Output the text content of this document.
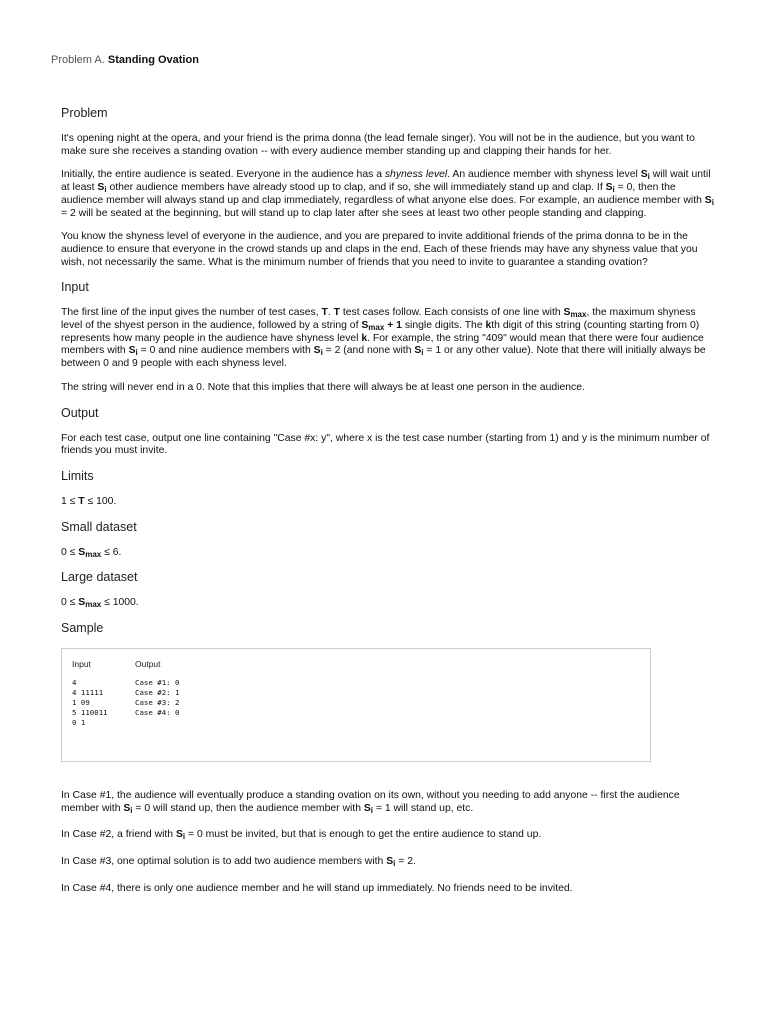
Problem A. Standing Ovation
Problem

It's opening night at the opera, and your friend is the prima donna (the lead female singer). You will not be in the audience, but you want to make sure she receives a standing ovation -- with every audience member standing up and clapping their hands for her.

Initially, the entire audience is seated. Everyone in the audience has a shyness level. An audience member with shyness level $S_i$ will wait until at least $S_i$ other audience members have already stood up to clap, and if so, she will immediately stand up and clap. If $S_i = 0$, then the audience member will always stand up and clap immediately, regardless of what anyone else does. For example, an audience member with $S_i = 2$ will be seated at the beginning, but will stand up to clap later after she sees at least two other people standing and clapping.

You know the shyness level of everyone in the audience, and you are prepared to invite additional friends of the prima donna to be in the audience to ensure that everyone in the crowd stands up and claps in the end. Each of these friends may have any shyness value that you wish, not necessarily the same. What is the minimum number of friends that you need to invite to guarantee a standing ovation?

Input

The first line of the input gives the number of test cases, T. T test cases follow. Each consists of one line with $S_{max}$, the maximum shyness level of the shyest person in the audience, followed by a string of $S_{max} + 1$ single digits. The kth digit of this string (counting starting from 0) represents how many people in the audience have shyness level k. For example, the string "409" would mean that there were four audience members with $S_i = 0$ and nine audience members with $S_i = 2$ (and none with $S_i = 1$ or any other value). Note that there will initially always be between 0 and 9 people with each shyness level.

The string will never end in a 0. Note that this implies that there will always be at least one person in the audience.

Output

For each test case, output one line containing "Case #x: y", where x is the test case number (starting from 1) and y is the minimum number of friends you must invite.

Limits

1 ≤ T ≤ 100.

Small dataset

$0 \le S_{max} \le 6$.

Large dataset

$0 \le S_{max} \le 1000$.

Sample
Input
4
4 11111
1 09
5 110011
0 1
Output
Case #1: 0
Case #2: 1
Case #3: 2
Case #4: 0

In Case #1, the audience will eventually produce a standing ovation on its own, without you needing to add anyone -- first the audience member with $S_i = 0$ will stand up, then the audience member with $S_i = 1$ will stand up, etc.

In Case #2, a friend with $S_i = 0$ must be invited, but that is enough to get the entire audience to stand up.

In Case #3, one optimal solution is to add two audience members with $S_i = 2$.

In Case #4, there is only one audience member and he will stand up immediately. No friends need to be invited.
